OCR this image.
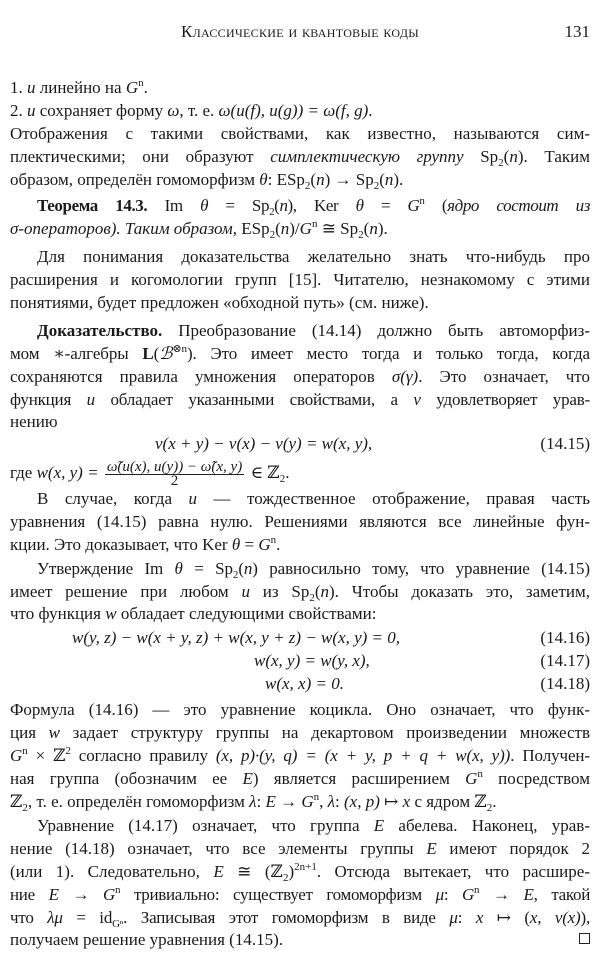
Классические и квантовые коды	131
1. u линейно на $G^n$.
2. u сохраняет форму ω, т. е. ω(u(f), u(g)) = ω(f, g).
Отображения с такими свойствами, как известно, называются сим-
плектическими; они образуют симплектическую группу $Sp_2(n)$. Таким
образом, определён гомоморфизм θ: $ESp_2(n) \to Sp_2(n)$.
Теорема 14.3. Im $\theta = Sp_2(n)$, Ker $\theta = G^n$ (ядро состоит из
σ-операторов). Таким образом, $ESp_2(n)/G^n$ ≅ $Sp_2(n)$.
Для понимания доказательства желательно знать что-нибудь про
расширения и когомологии групп [15]. Читателю, незнакомому с этими
понятиями, будет предложен «обходной путь» (см. ниже).
Доказательство. Преобразование (14.14) должно быть автоморфиз-
мом ∗-алгебры L(ℬ$^{\otimes n}$). Это имеет место тогда и только тогда, когда
сохраняются правила умножения операторов σ(γ). Это означает, что
функция u обладает указанными свойствами, а v удовлетворяет урав-
нению
v(x + y) − v(x) − v(y) = w(x, y),	(14.15)
где w(x, $y) = \frac{\omegã(u(x), u(y)) - \omegã(x, y)}{2}$ ∈ ℤ$_2$.
В случае, когда u — тождественное отображение, правая часть
уравнения (14.15) равна нулю. Решениями являются все линейные фун-
кции. Это доказывает, что Ker $\theta = G^n$.
Утверждение Im $\theta = Sp_2(n)$ равносильно тому, что уравнение (14.15)
имеет решение при любом u из $Sp_2(n)$. Чтобы доказать это, заметим,
что функция w обладает следующими свойствами:
w(y, z) − w(x + y, z) + w(x, y + z) − w(x, y) = 0,	(14.16)
w(x, y) = w(y, x),	(14.17)
w(x, x) = 0.	(14.18)
Формула (14.16) — это уравнение коцикла. Оно означает, что функ-
ция w задает структуру группы на декартовом произведении множеств
$G^n$ × ℤ$^2$ согласно правилу (x, p)·(y, q) = (x + y, p + q + w(x, y)). Получен-
ная группа (обозначим ее E) является расширением $G^n$ посредством
ℤ$_2$, т. е. определён гомоморфизм λ: $E \to G^n$, λ: (x, p) ↦ x с ядром ℤ$_2$.
Уравнение (14.17) означает, что группа E абелева. Наконец, урав-
нение (14.18) означает, что все элементы группы E имеют порядок 2
(или 1). Следовательно, E ≅ (ℤ$_2$)$^{2n+1}$. Отсюда вытекает, что расшире-
ние $E \to G^n$ тривиально: существует гомоморфизм μ: $G^n \to E$, такой
что $\lambda\mu = id_{G^n}$. Записывая этот гомоморфизм в виде μ: x ↦ (x, v(x)),
получаем решение уравнения (14.15).
